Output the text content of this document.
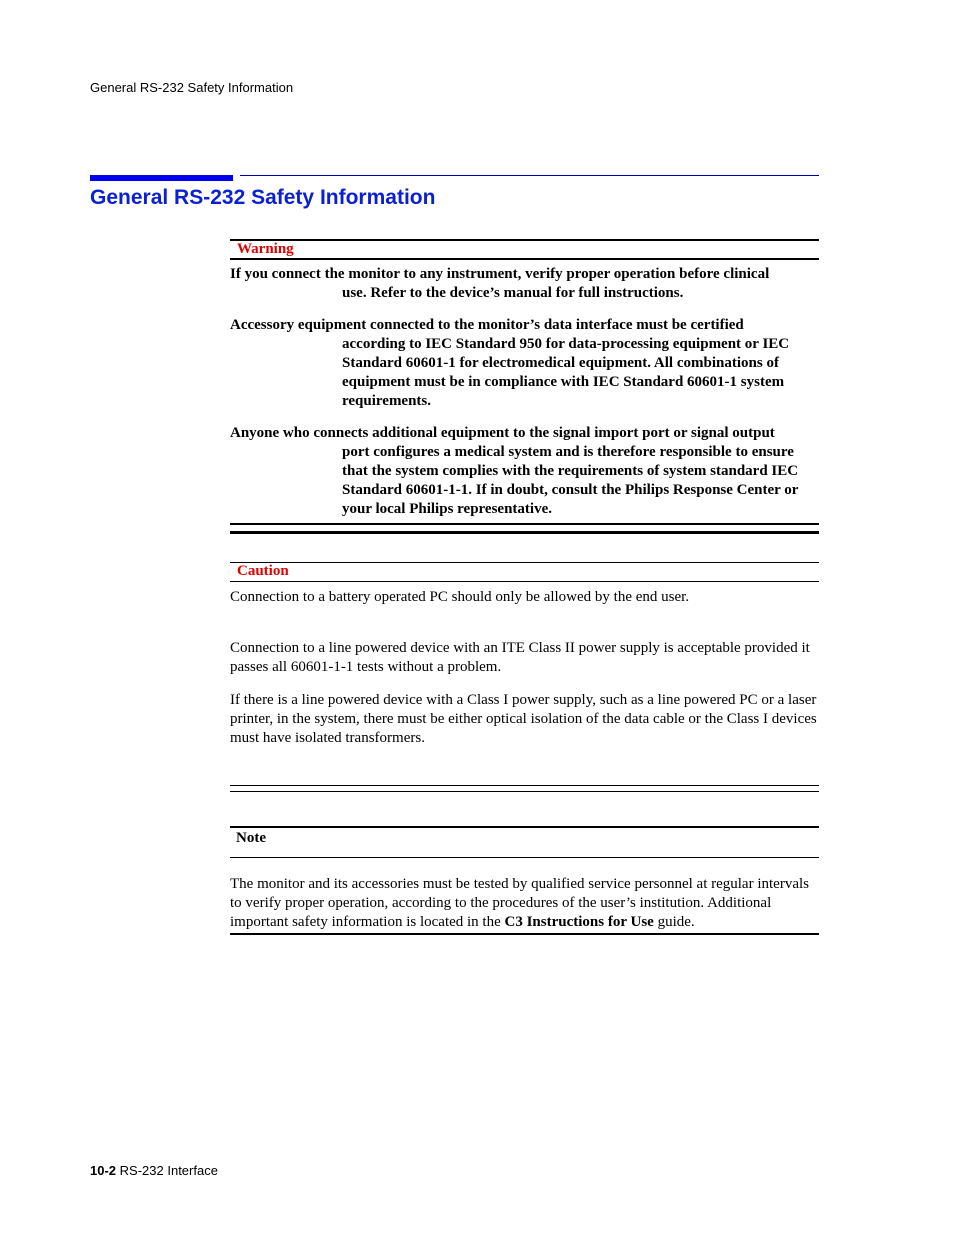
General RS-232 Safety Information
General RS-232 Safety Information
Warning
If you connect the monitor to any instrument, verify proper operation before clinical
use. Refer to the device’s manual for full instructions.
Accessory equipment connected to the monitor’s data interface must be certified
according to IEC Standard 950 for data-processing equipment or IEC Standard 60601-1 for electromedical equipment. All combinations of equipment must be in compliance with IEC Standard 60601-1 system requirements.
Anyone who connects additional equipment to the signal import port or signal output
port configures a medical system and is therefore responsible to ensure that the system complies with the requirements of system standard IEC Standard 60601-1-1. If in doubt, consult the Philips Response Center or your local Philips representative.
Caution
Connection to a battery operated PC should only be allowed by the end user.
Connection to a line powered device with an ITE Class II power supply is acceptable provided it passes all 60601-1-1 tests without a problem.
If there is a line powered device with a Class I power supply, such as a line powered PC or a laser printer, in the system, there must be either optical isolation of the data cable or the Class I devices must have isolated transformers.
Note
The monitor and its accessories must be tested by qualified service personnel at regular intervals to verify proper operation, according to the procedures of the user’s institution. Additional important safety information is located in the C3 Instructions for Use guide.
10-2 RS-232 Interface
